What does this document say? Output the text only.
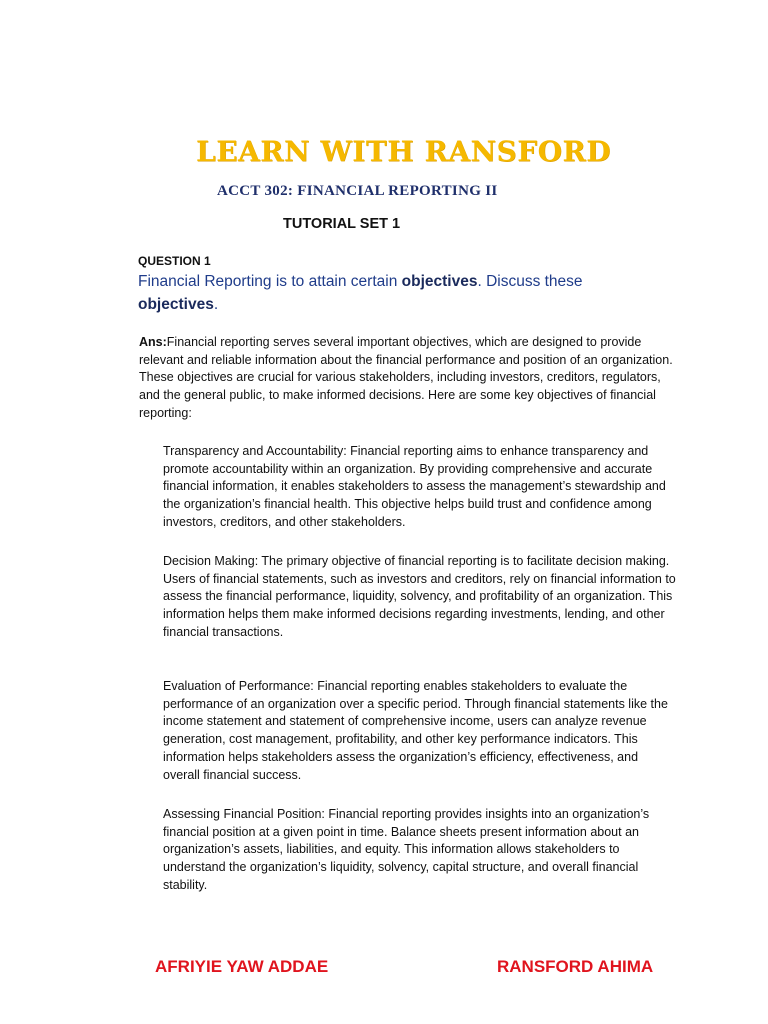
LEARN WITH RANSFORD
ACCT 302: FINANCIAL REPORTING II
TUTORIAL SET 1
QUESTION 1
Financial Reporting is to attain certain objectives. Discuss these objectives.
Ans:Financial reporting serves several important objectives, which are designed to provide relevant and reliable information about the financial performance and position of an organization. These objectives are crucial for various stakeholders, including investors, creditors, regulators, and the general public, to make informed decisions. Here are some key objectives of financial reporting:
Transparency and Accountability: Financial reporting aims to enhance transparency and promote accountability within an organization. By providing comprehensive and accurate financial information, it enables stakeholders to assess the management’s stewardship and the organization’s financial health. This objective helps build trust and confidence among investors, creditors, and other stakeholders.
Decision Making: The primary objective of financial reporting is to facilitate decision making. Users of financial statements, such as investors and creditors, rely on financial information to assess the financial performance, liquidity, solvency, and profitability of an organization. This information helps them make informed decisions regarding investments, lending, and other financial transactions.
Evaluation of Performance: Financial reporting enables stakeholders to evaluate the performance of an organization over a specific period. Through financial statements like the income statement and statement of comprehensive income, users can analyze revenue generation, cost management, profitability, and other key performance indicators. This information helps stakeholders assess the organization’s efficiency, effectiveness, and overall financial success.
Assessing Financial Position: Financial reporting provides insights into an organization’s financial position at a given point in time. Balance sheets present information about an organization’s assets, liabilities, and equity. This information allows stakeholders to understand the organization’s liquidity, solvency, capital structure, and overall financial stability.
AFRIYIE YAW ADDAE	RANSFORD AHIMA
